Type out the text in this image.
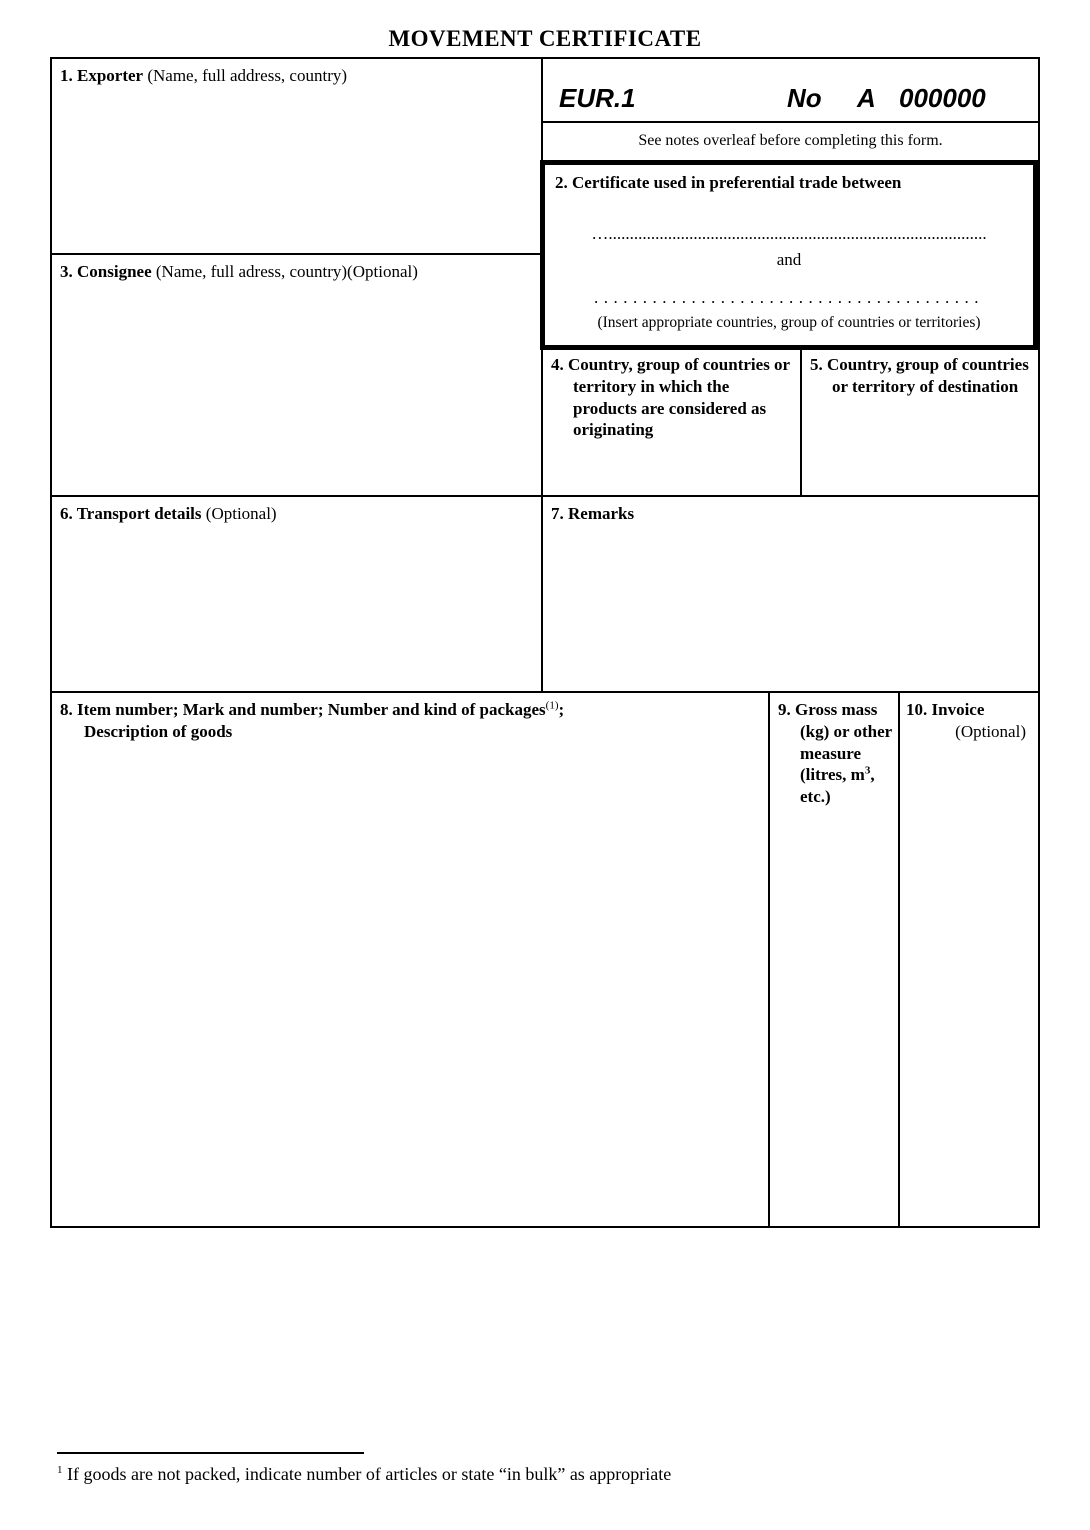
MOVEMENT CERTIFICATE
1. Exporter (Name, full address, country)
EUR.1	No A 000000
See notes overleaf before completing this form.
2. Certificate used in preferential trade between
….........................................................................................
and
........................................
(Insert appropriate countries, group of countries or territories)
3. Consignee (Name, full adress, country)(Optional)
4. Country, group of countries or territory in which the products are considered as originating
5. Country, group of countries or territory of destination
6. Transport details (Optional)	7. Remarks
8. Item number; Mark and number; Number and kind of packages$^{(1)}$;
Description of goods
9. Gross mass (kg) or other measure (litres, $m^3$, etc.)
10. Invoice
(Optional)
$^1$ If goods are not packed, indicate number of articles or state “in bulk” as appropriate
